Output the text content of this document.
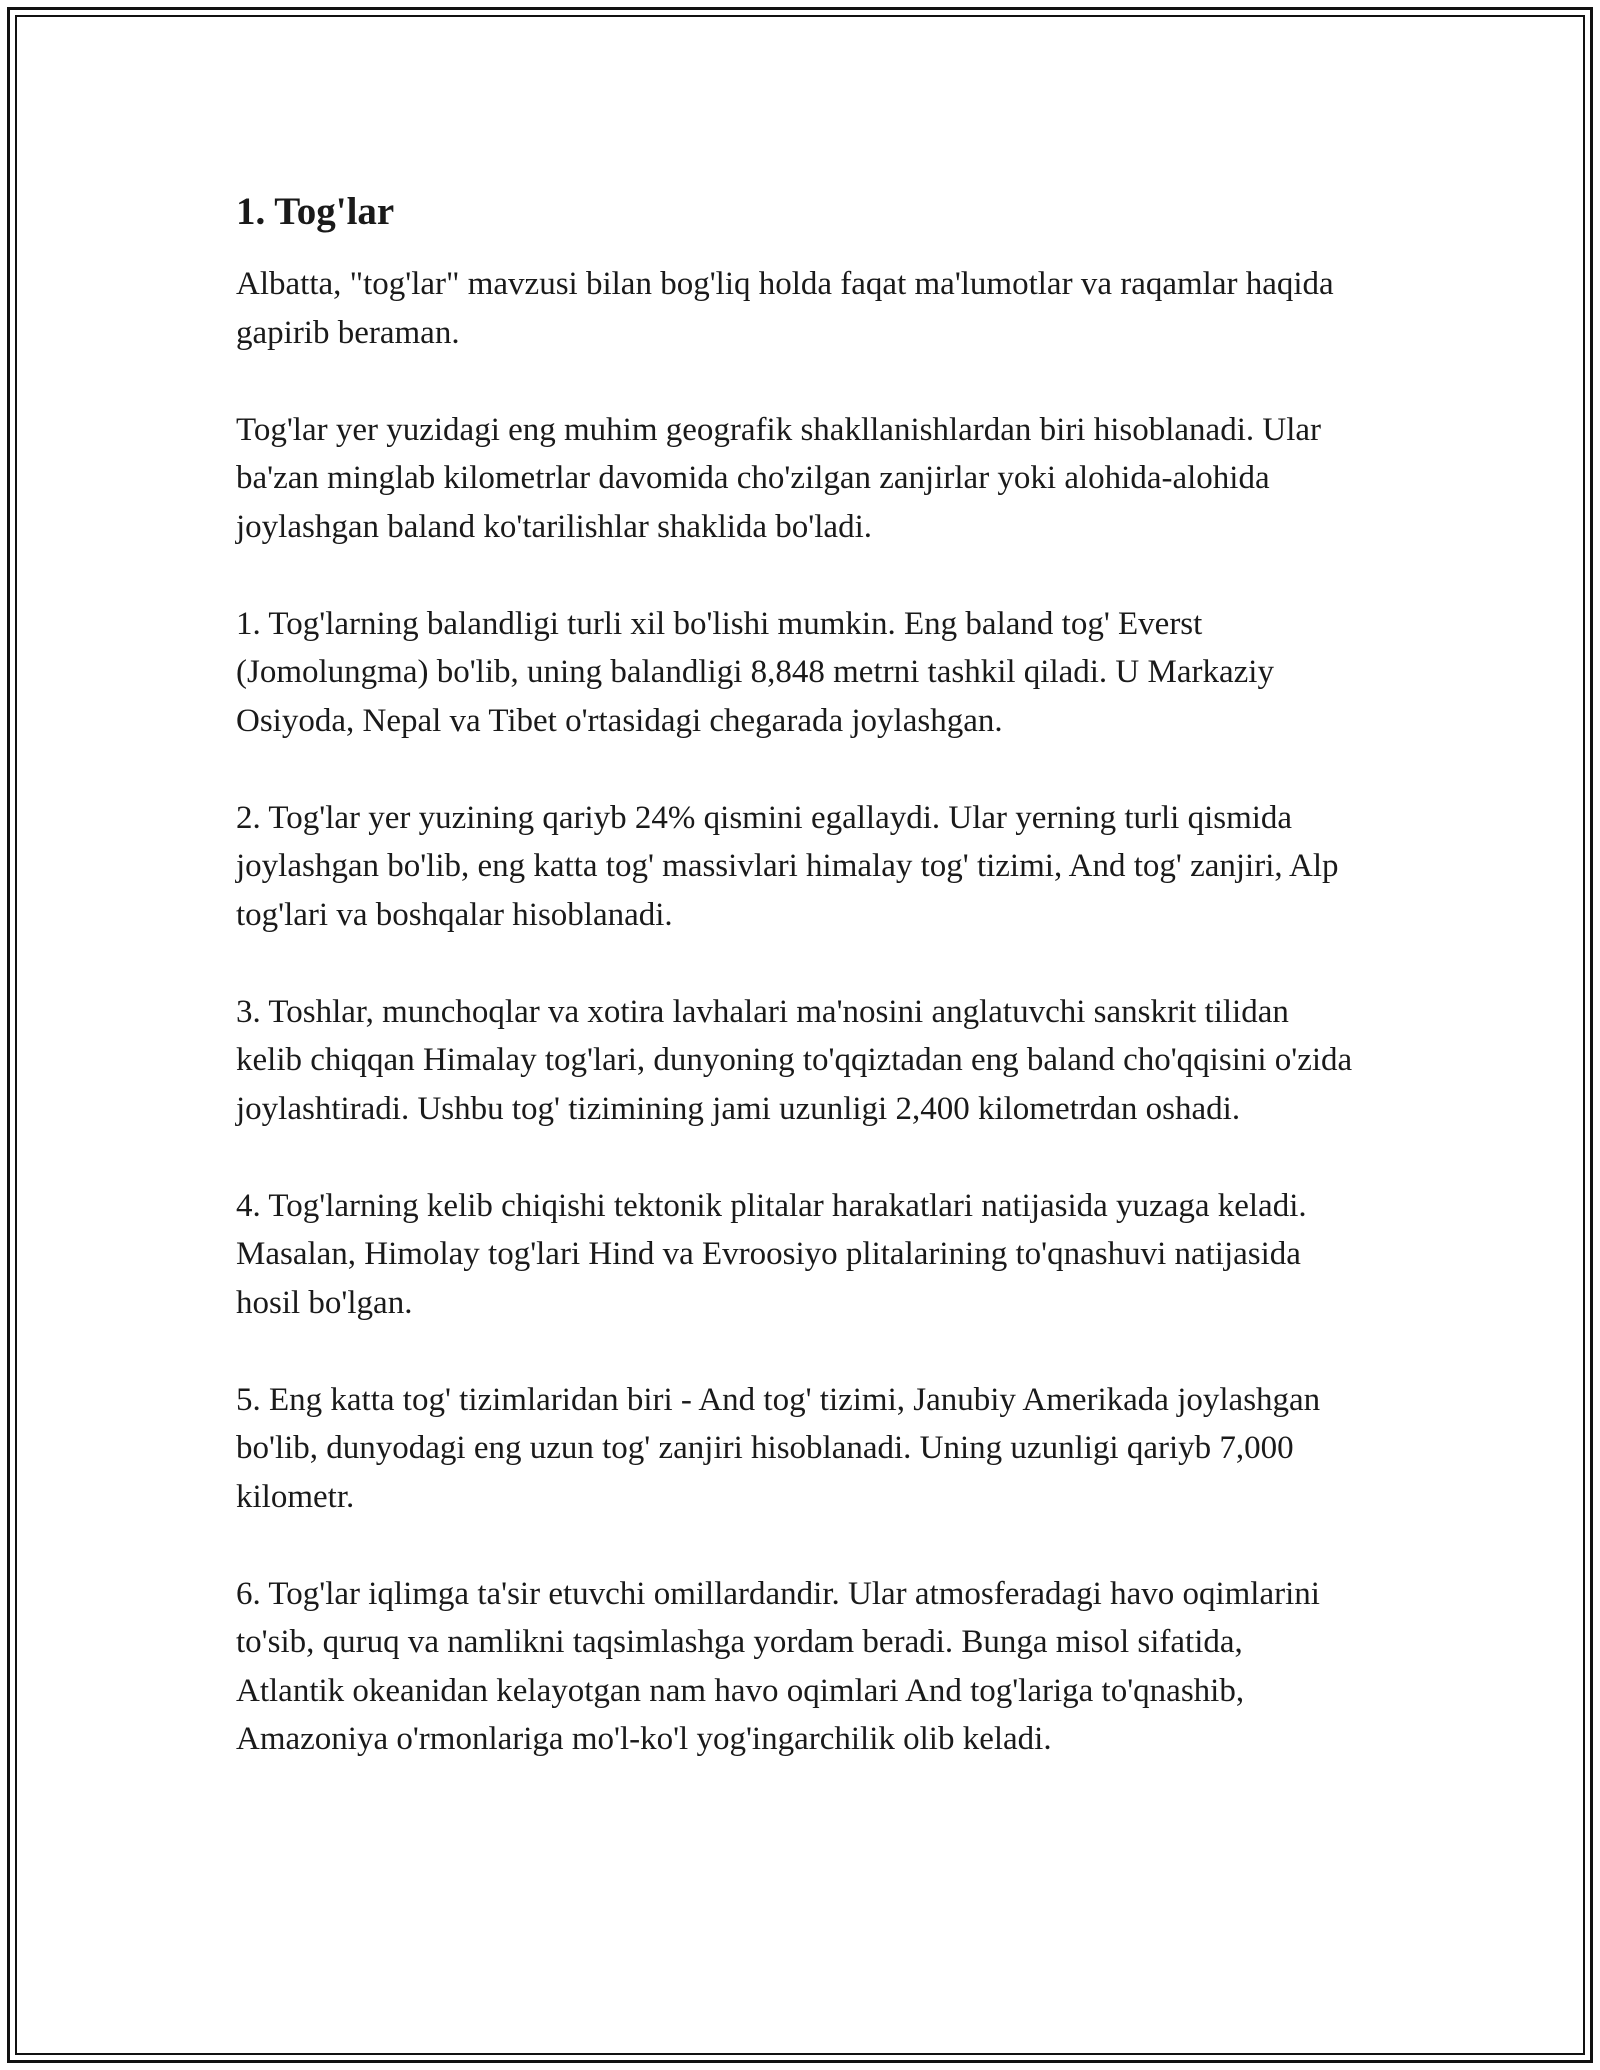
1. Tog'lar

Albatta, "tog'lar" mavzusi bilan bog'liq holda faqat ma'lumotlar va raqamlar haqida gapirib beraman.

Tog'lar yer yuzidagi eng muhim geografik shakllanishlardan biri hisoblanadi. Ular ba'zan minglab kilometrlar davomida cho'zilgan zanjirlar yoki alohida-alohida joylashgan baland ko'tarilishlar shaklida bo'ladi.

1. Tog'larning balandligi turli xil bo'lishi mumkin. Eng baland tog' Everst (Jomolungma) bo'lib, uning balandligi 8,848 metrni tashkil qiladi. U Markaziy Osiyoda, Nepal va Tibet o'rtasidagi chegarada joylashgan.

2. Tog'lar yer yuzining qariyb 24% qismini egallaydi. Ular yerning turli qismida joylashgan bo'lib, eng katta tog' massivlari himalay tog' tizimi, And tog' zanjiri, Alp tog'lari va boshqalar hisoblanadi.

3. Toshlar, munchoqlar va xotira lavhalari ma'nosini anglatuvchi sanskrit tilidan kelib chiqqan Himalay tog'lari, dunyoning to'qqiztadan eng baland cho'qqisini o'zida joylashtiradi. Ushbu tog' tizimining jami uzunligi 2,400 kilometrdan oshadi.

4. Tog'larning kelib chiqishi tektonik plitalar harakatlari natijasida yuzaga keladi. Masalan, Himolay tog'lari Hind va Evroosiyo plitalarining to'qnashuvi natijasida hosil bo'lgan.

5. Eng katta tog' tizimlaridan biri - And tog' tizimi, Janubiy Amerikada joylashgan bo'lib, dunyodagi eng uzun tog' zanjiri hisoblanadi. Uning uzunligi qariyb 7,000 kilometr.

6. Tog'lar iqlimga ta'sir etuvchi omillardandir. Ular atmosferadagi havo oqimlarini to'sib, quruq va namlikni taqsimlashga yordam beradi. Bunga misol sifatida, Atlantik okeanidan kelayotgan nam havo oqimlari And tog'lariga to'qnashib, Amazoniya o'rmonlariga mo'l-ko'l yog'ingarchilik olib keladi.
